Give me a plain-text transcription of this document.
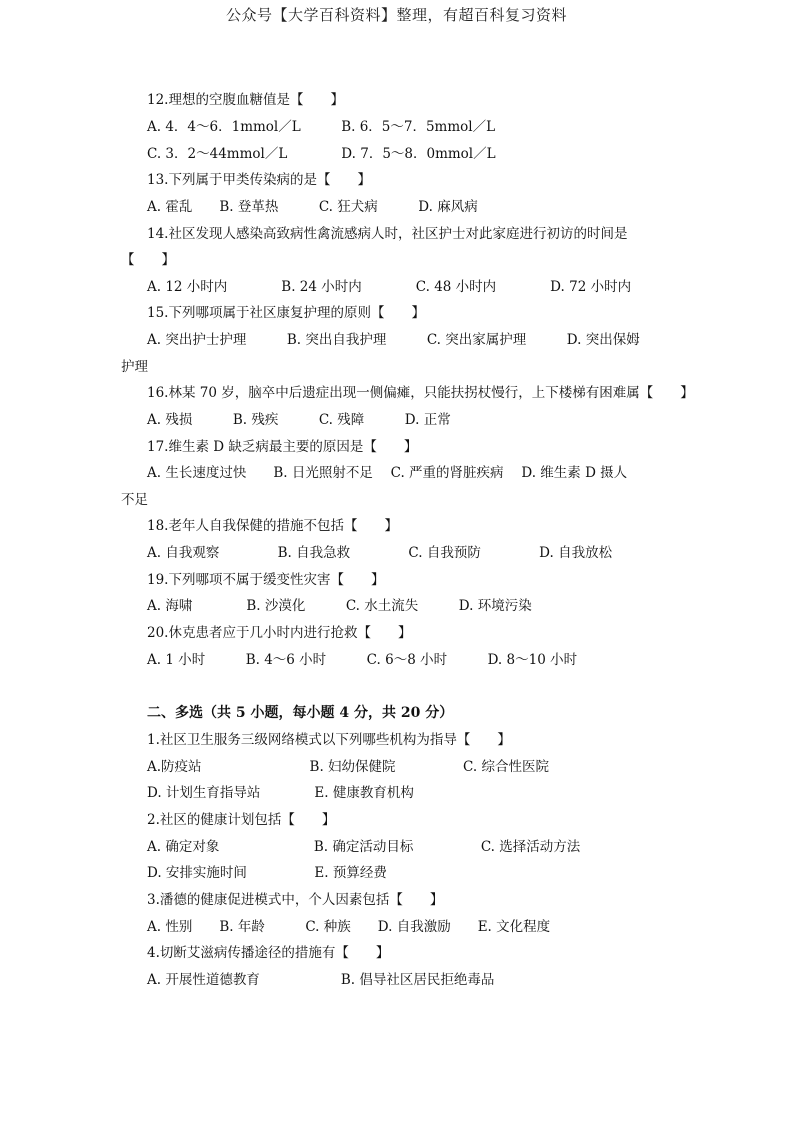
公众号【大学百科资料】整理，有超百科复习资料
12.理想的空腹血糖值是【　　】
A. 4．4～6．1mmol／L　　　B. 6．5～7．5mmol／L
C. 3．2～44mmol／L　　　　D. 7．5～8．0mmol／L
13.下列属于甲类传染病的是【　　】
A. 霍乱　　B. 登革热　　　C. 狂犬病　　　D. 麻风病
14.社区发现人感染高致病性禽流感病人时，社区护士对此家庭进行初访的时间是
【　　】
A. 12 小时内　　　　B. 24 小时内　　　　C. 48 小时内　　　　D. 72 小时内
15.下列哪项属于社区康复护理的原则【　　】
A. 突出护士护理　　　B. 突出自我护理　　　C. 突出家属护理　　　D. 突出保姆
护理
16.林某 70 岁，脑卒中后遗症出现一侧偏瘫，只能扶拐杖慢行，上下楼梯有困难属【　　】
A. 残损　　　B. 残疾　　　C. 残障　　　D. 正常
17.维生素 D 缺乏病最主要的原因是【　　】
A. 生长速度过快　　B. 日光照射不足　 C. 严重的肾脏疾病　 D. 维生素 D 摄人
不足
18.老年人自我保健的措施不包括【　　】
A. 自我观察　　　　 B. 自我急救　　　　 C. 自我预防　　　　 D. 自我放松
19.下列哪项不属于缓变性灾害【　　】
A. 海啸　　　　B. 沙漠化　　　C. 水土流失　　　D. 环境污染
20.休克患者应于几小时内进行抢救【　　】
A. 1 小时　　　B. 4～6 小时　　　C. 6～8 小时　　　D. 8～10 小时
二、多选（共 5 小题，每小题 4 分，共 20 分）
1.社区卫生服务三级网络模式以下列哪些机构为指导【　　】
A.防疫站　　　　　　　　B. 妇幼保健院　　　　　C. 综合性医院
D. 计划生育指导站　　　　E. 健康教育机构
2.社区的健康计划包括【　　】
A. 确定对象　　　　　　　B. 确定活动目标　　　　　C. 选择活动方法
D. 安排实施时间　　　　　E. 预算经费
3.潘德的健康促进模式中，个人因素包括【　　】
A. 性别　　B. 年龄　　　C. 种族　　D. 自我激励　　E. 文化程度
4.切断艾滋病传播途径的措施有【　　】
A. 开展性道德教育　　　　　　B. 倡导社区居民拒绝毒品
